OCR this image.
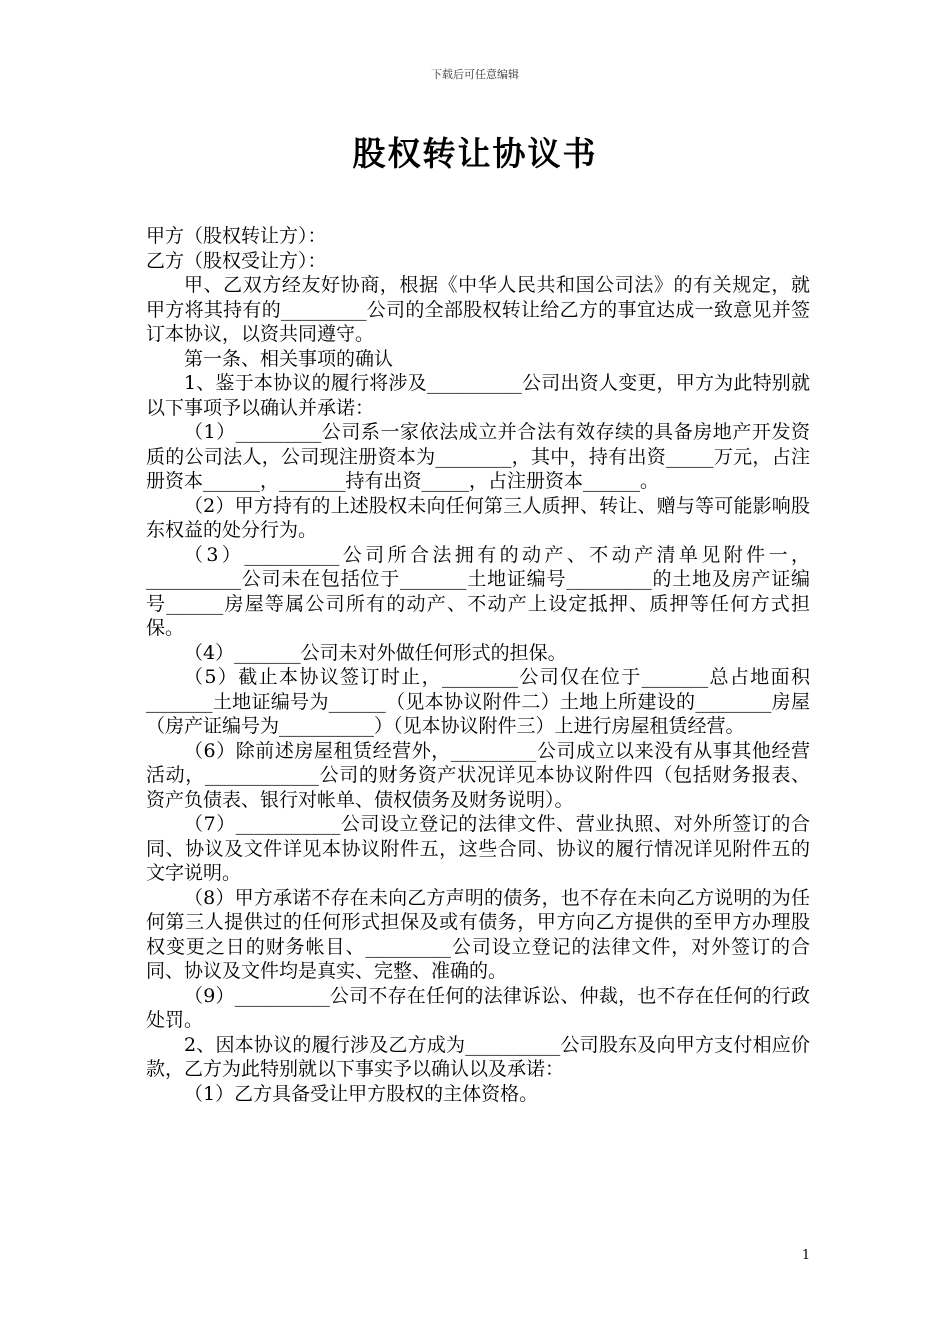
下载后可任意编辑
股权转让协议书

甲方（股权转让方）：

乙方（股权受让方）：

甲、乙双方经友好协商，根据《中华人民共和国公司法》的有关规定，就甲方将其持有的_________公司的全部股权转让给乙方的事宜达成一致意见并签订本协议，以资共同遵守。

第一条、相关事项的确认

1、鉴于本协议的履行将涉及__________公司出资人变更，甲方为此特别就以下事项予以确认并承诺：

（1）_________公司系一家依法成立并合法有效存续的具备房地产开发资质的公司法人，公司现注册资本为________，其中，持有出资_____万元，占注册资本______，_______持有出资_____，占注册资本______。

（2）甲方持有的上述股权未向任何第三人质押、转让、赠与等可能影响股东权益的处分行为。

（3）__________公司所合法拥有的动产、不动产清单见附件一，__________公司未在包括位于_______土地证编号_________的土地及房产证编号______房屋等属公司所有的动产、不动产上设定抵押、质押等任何方式担保。

（4）_______公司未对外做任何形式的担保。

（5）截止本协议签订时止，________公司仅在位于_______总占地面积_______土地证编号为______（见本协议附件二）土地上所建设的________房屋（房产证编号为__________）（见本协议附件三）上进行房屋租赁经营。

（6）除前述房屋租赁经营外，_________公司成立以来没有从事其他经营活动，____________公司的财务资产状况详见本协议附件四（包括财务报表、资产负债表、银行对帐单、债权债务及财务说明）。

（7）___________公司设立登记的法律文件、营业执照、对外所签订的合同、协议及文件详见本协议附件五，这些合同、协议的履行情况详见附件五的文字说明。

（8）甲方承诺不存在未向乙方声明的债务，也不存在未向乙方说明的为任何第三人提供过的任何形式担保及或有债务，甲方向乙方提供的至甲方办理股权变更之日的财务帐目、_________公司设立登记的法律文件，对外签订的合同、协议及文件均是真实、完整、准确的。

（9）__________公司不存在任何的法律诉讼、仲裁，也不存在任何的行政处罚。

2、因本协议的履行涉及乙方成为__________公司股东及向甲方支付相应价款，乙方为此特别就以下事实予以确认以及承诺：

（1）乙方具备受让甲方股权的主体资格。

1
